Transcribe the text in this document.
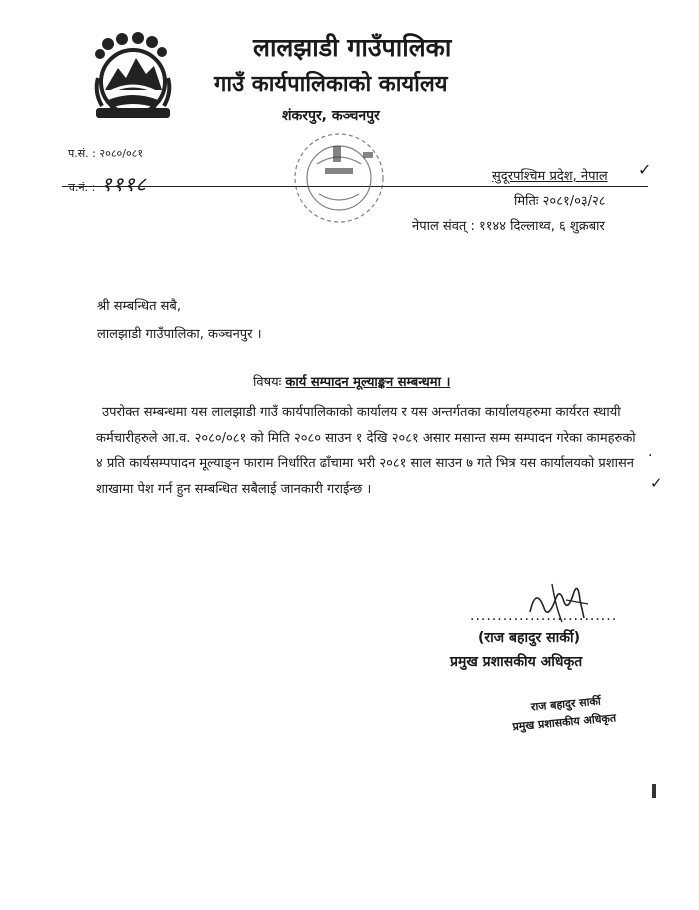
लालझाडी गाउँपालिका
गाउँ कार्यपालिकाको कार्यालय
शंकरपुर, कञ्चनपुर
प.सं. : २०८०/०८१
च.नं. : १११८	सुदूरपश्चिम प्रदेश, नेपाल ✓
मितिः २०८१/०३/२८
नेपाल संवत् : ११४४ दिल्लाथ्व, ६ शुक्रबार
श्री सम्बन्धित सबै,
लालझाडी गाउँपालिका, कञ्चनपुर ।
विषयः कार्य सम्पादन मूल्याङ्कन सम्बन्धमा ।
उपरोक्त सम्बन्धमा यस लालझाडी गाउँ कार्यपालिकाको कार्यालय र यस अन्तर्गतका कार्यालयहरुमा कार्यरत स्थायी कर्मचारीहरुले आ.व. २०८०/०८१ को मिति २०८० साउन १ देखि २०८१ असार मसान्त सम्म सम्पादन गरेका कामहरुको ४ प्रति कार्यसम्पपादन मूल्याङ्न फाराम निर्धारित ढाँचामा भरी २०८१ साल साउन ७ गते भित्र यस कार्यालयको प्रशासन शाखामा पेश गर्न हुन सम्बन्धित सबैलाई जानकारी गराईन्छ ।
·
✓
...........................
(राज बहादुर सार्की)
प्रमुख प्रशासकीय अधिकृत
राज बहादुर सार्की
प्रमुख प्रशासकीय अधिकृत
